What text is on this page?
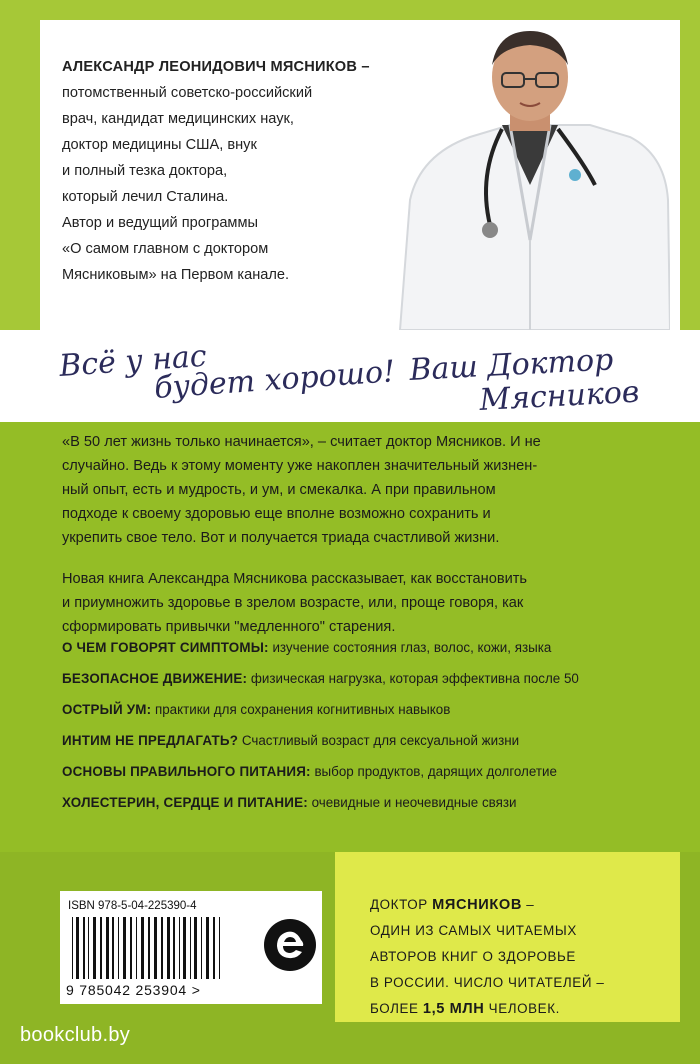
АЛЕКСАНДР ЛЕОНИДОВИЧ МЯСНИКОВ –
потомственный советско-российский
врач, кандидат медицинских наук,
доктор медицины США, внук
и полный тезка доктора,
который лечил Сталина.
Автор и ведущий программы
«О самом главном с доктором
Мясниковым» на Первом канале.
Всё у нас
будет хорошо! Ваш Доктор
Мясников
«В 50 лет жизнь только начинается», – считает доктор Мясников. И не
случайно. Ведь к этому моменту уже накоплен значительный жизнен-
ный опыт, есть и мудрость, и ум, и смекалка. А при правильном
подходе к своему здоровью еще вполне возможно сохранить и
укрепить свое тело. Вот и получается триада счастливой жизни.
Новая книга Александра Мясникова рассказывает, как восстановить
и приумножить здоровье в зрелом возрасте, или, проще говоря, как
сформировать привычки "медленного" старения.
О ЧЕМ ГОВОРЯТ СИМПТОМЫ: изучение состояния глаз, волос, кожи, языка
БЕЗОПАСНОЕ ДВИЖЕНИЕ: физическая нагрузка, которая эффективна после 50
ОСТРЫЙ УМ: практики для сохранения когнитивных навыков
ИНТИМ НЕ ПРЕДЛАГАТЬ? Счастливый возраст для сексуальной жизни
ОСНОВЫ ПРАВИЛЬНОГО ПИТАНИЯ: выбор продуктов, дарящих долголетие
ХОЛЕСТЕРИН, СЕРДЦЕ И ПИТАНИЕ: очевидные и неочевидные связи
ISBN 978-5-04-225390-4
9 785042 253904 >
ДОКТОР МЯСНИКОВ –
ОДИН ИЗ САМЫХ ЧИТАЕМЫХ
АВТОРОВ КНИГ О ЗДОРОВЬЕ
В РОССИИ. ЧИСЛО ЧИТАТЕЛЕЙ –
БОЛЕЕ 1,5 МЛН ЧЕЛОВЕК.
bookclub.by
